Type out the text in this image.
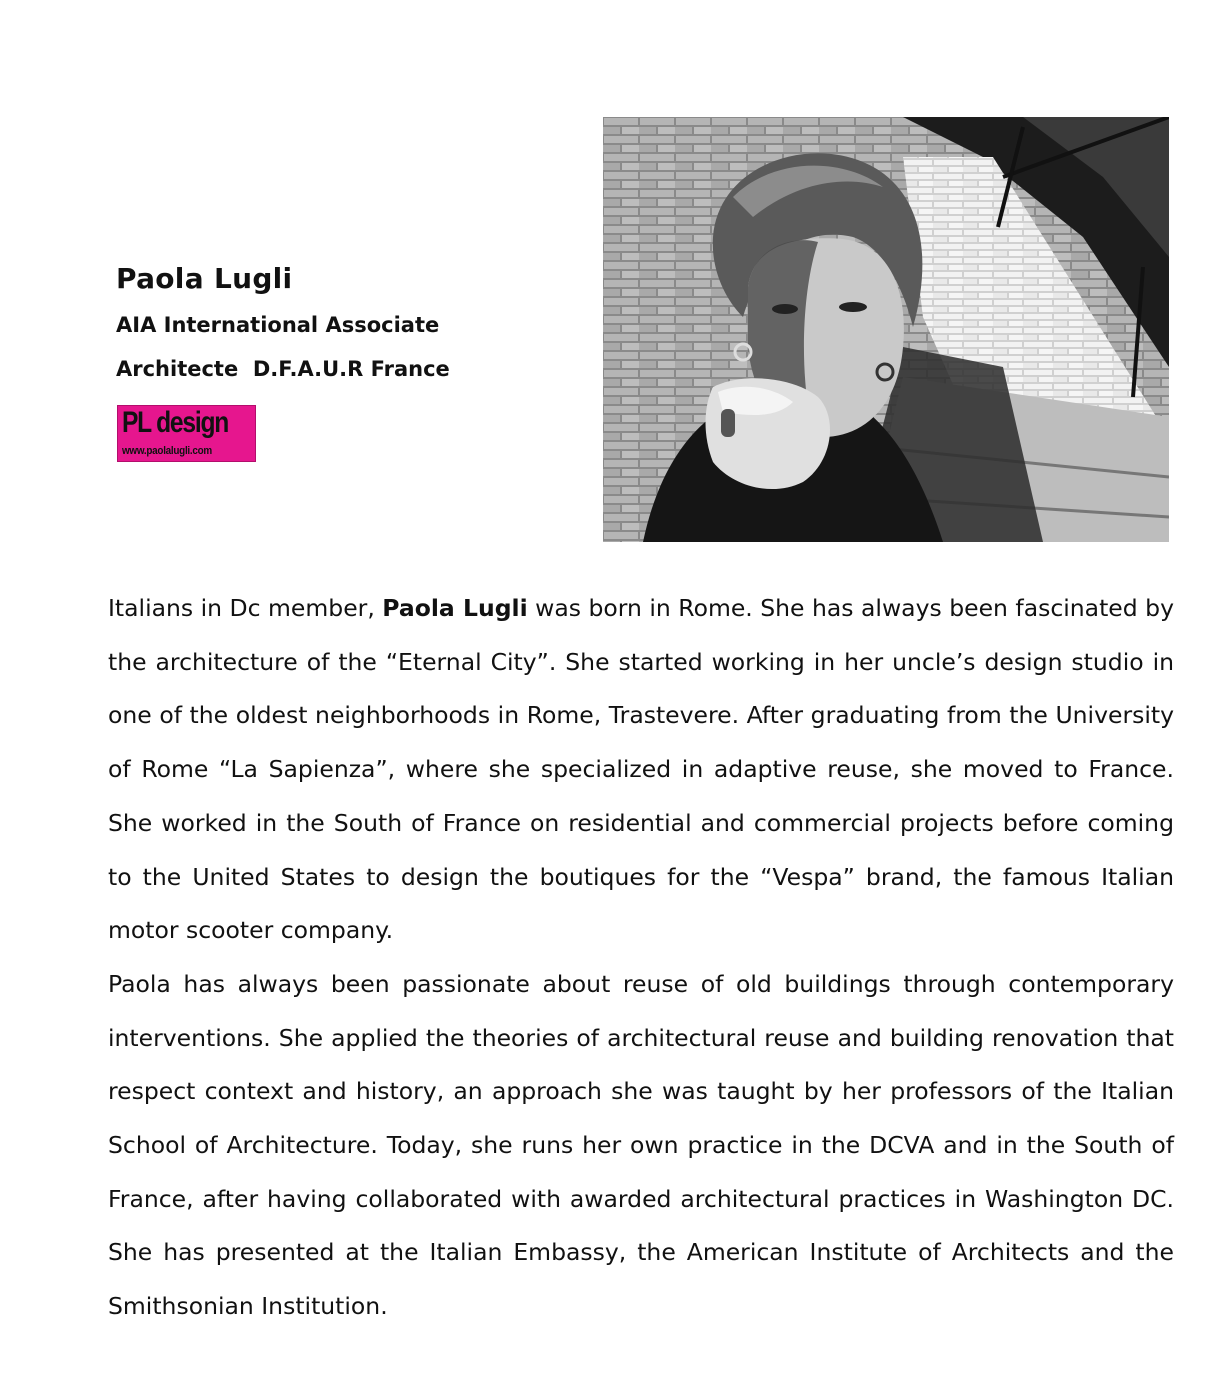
Paola Lugli
AIA International Associate
Architecte  D.F.A.U.R France
PL design
www.paolalugli.com

Italians in Dc member, Paola Lugli was born in Rome. She has always been fascinated by the architecture of the “Eternal City”. She started working in her uncle’s design studio in one of the oldest neighborhoods in Rome, Trastevere. After graduating from the University of Rome “La Sapienza”, where she specialized in adaptive reuse, she moved to France. She worked in the South of France on residential and commercial projects before coming to the United States to design the boutiques for the “Vespa” brand, the famous Italian motor scooter company.

Paola has always been passionate about reuse of old buildings through contemporary interventions. She applied the theories of architectural reuse and building renovation that respect context and history, an approach she was taught by her professors of the Italian School of Architecture. Today, she runs her own practice in the DCVA and in the South of France, after having collaborated with awarded architectural practices in Washington DC. She has presented at the Italian Embassy, the American Institute of Architects and the Smithsonian Institution.
